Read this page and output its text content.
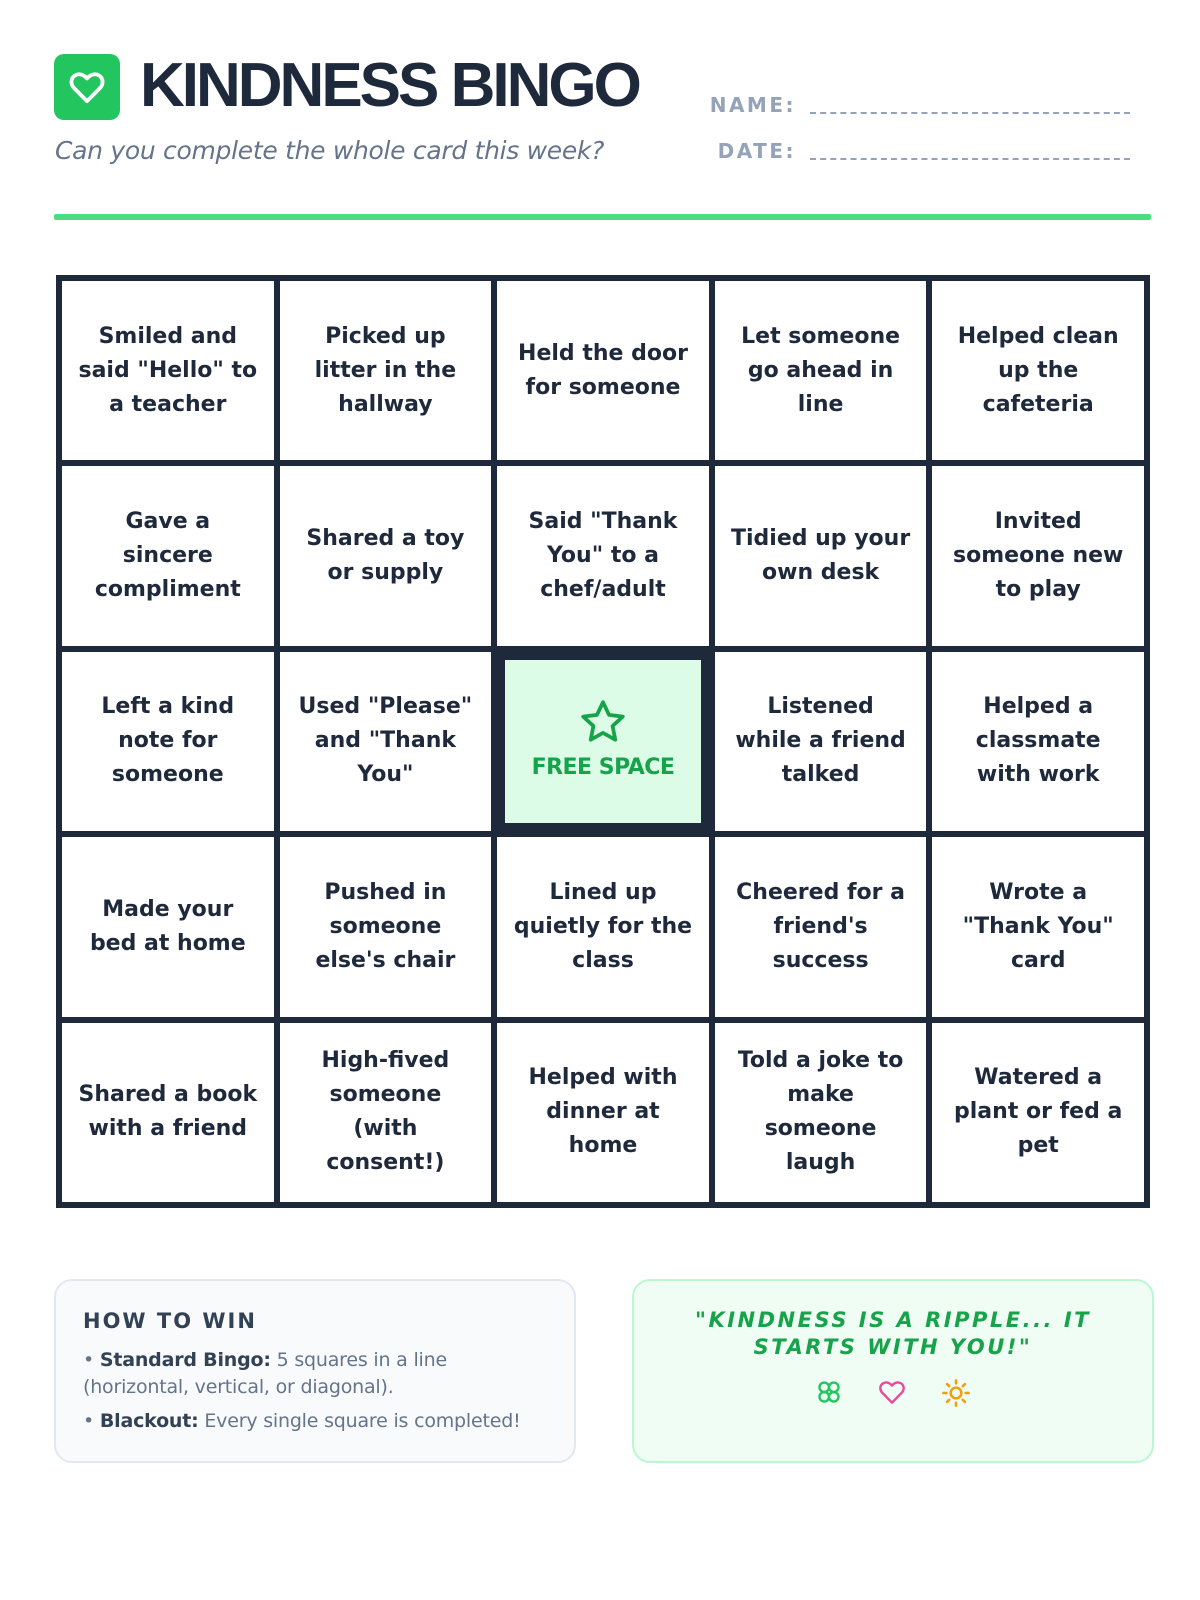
KINDNESS BINGO

Can you complete the whole card this week?

NAME:
DATE:
Smiled and said "Hello" to a teacher
Picked up litter in the hallway
Held the door for someone
Let someone go ahead in line
Helped clean up the cafeteria
Gave a sincere compliment
Shared a toy or supply
Said "Thank You" to a chef/adult
Tidied up your own desk
Invited someone new to play
Left a kind note for someone
Used "Please" and "Thank You"	FREE SPACE
Listened while a friend talked
Helped a classmate with work
Made your bed at home
Pushed in someone else's chair
Lined up quietly for the class
Cheered for a friend's success
Wrote a "Thank You" card
Shared a book with a friend
High-fived someone (with consent!)
Helped with dinner at home
Told a joke to make someone laugh
Watered a plant or fed a pet
HOW TO WIN

• Standard Bingo: 5 squares in a line (horizontal, vertical, or diagonal).

• Blackout: Every single square is completed!

"KINDNESS IS A RIPPLE... IT STARTS WITH YOU!"
